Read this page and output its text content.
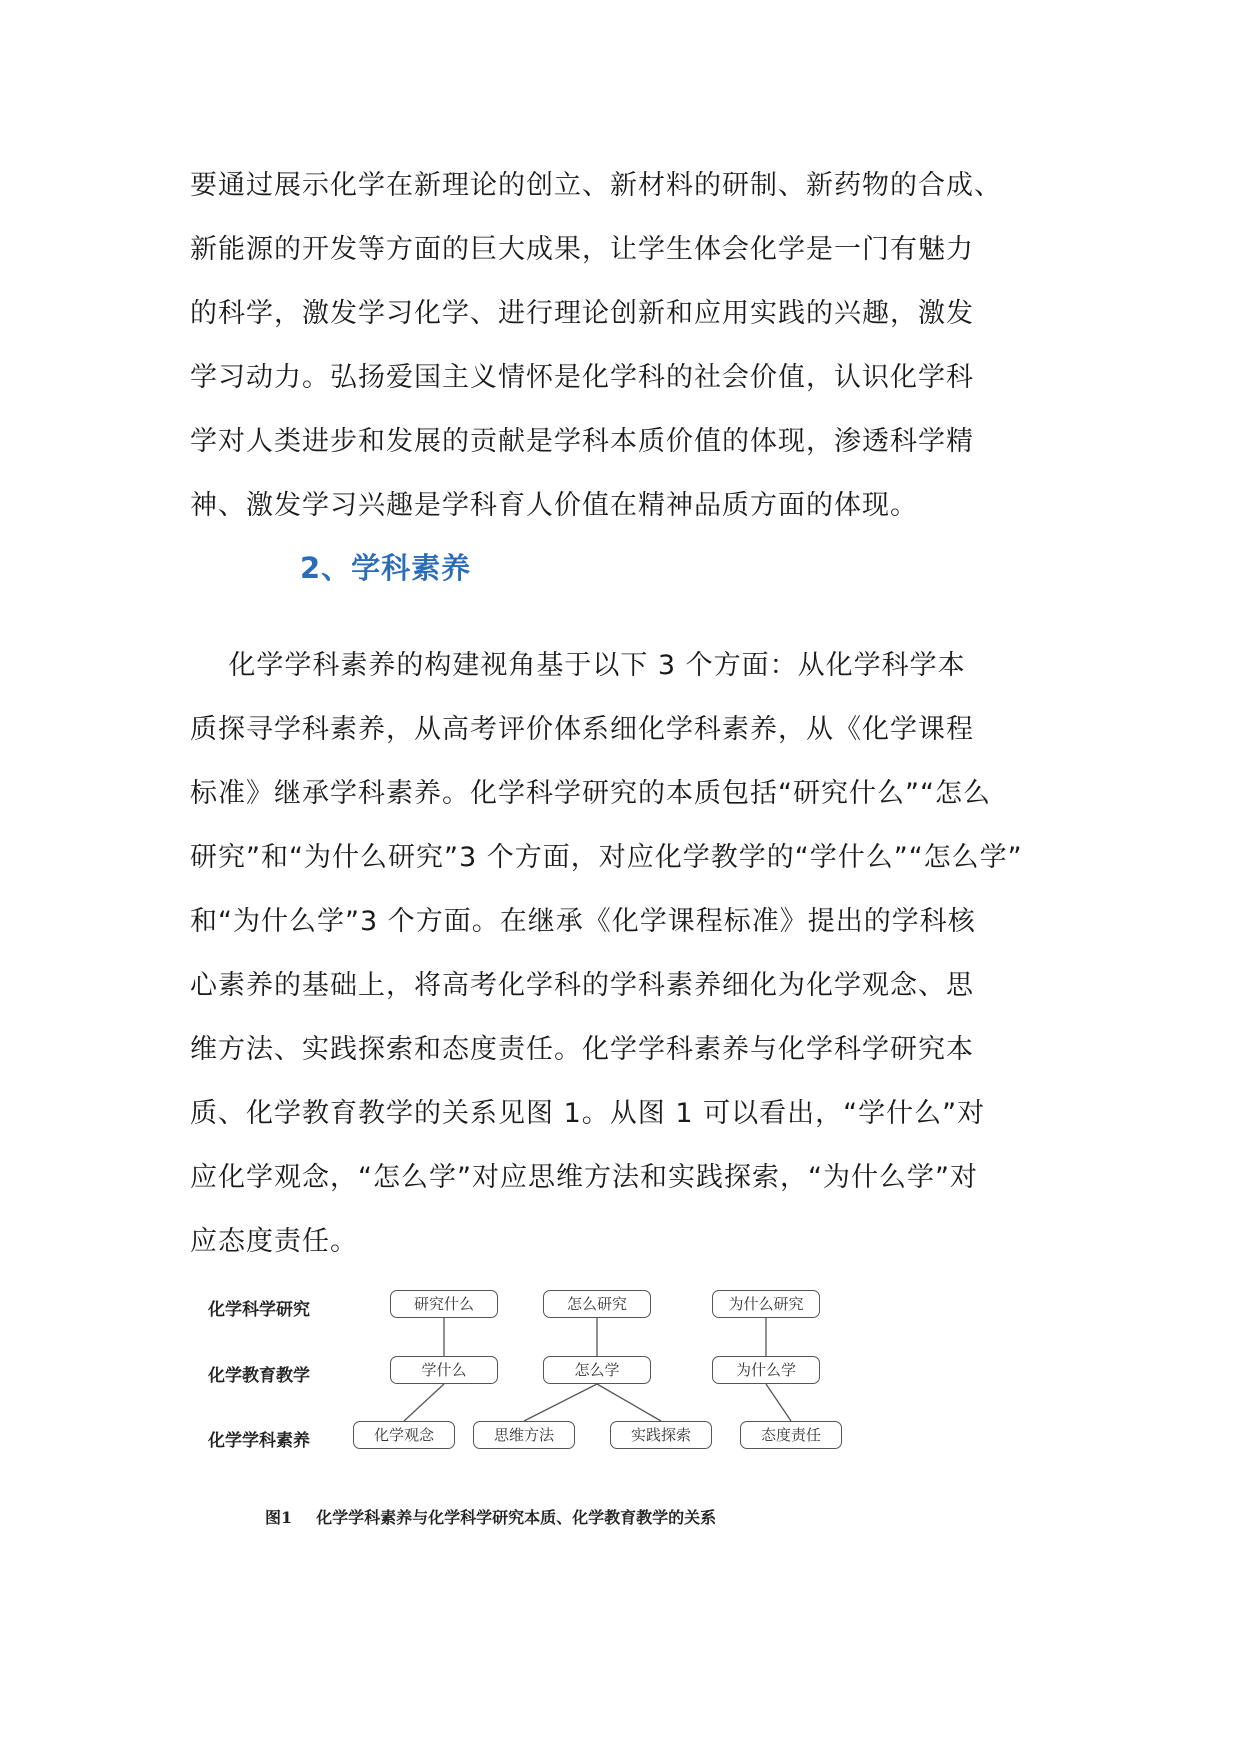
要通过展示化学在新理论的创立、新材料的研制、新药物的合成、
新能源的开发等方面的巨大成果，让学生体会化学是一门有魅力
的科学，激发学习化学、进行理论创新和应用实践的兴趣，激发
学习动力。弘扬爱国主义情怀是化学科的社会价值，认识化学科
学对人类进步和发展的贡献是学科本质价值的体现，渗透科学精
神、激发学习兴趣是学科育人价值在精神品质方面的体现。
2、学科素养
化学学科素养的构建视角基于以下 3 个方面：从化学科学本
质探寻学科素养，从高考评价体系细化学科素养，从《化学课程
标准》继承学科素养。化学科学研究的本质包括“研究什么”“怎么
研究”和“为什么研究”3 个方面，对应化学教学的“学什么”“怎么学”
和“为什么学”3 个方面。在继承《化学课程标准》提出的学科核
心素养的基础上，将高考化学科的学科素养细化为化学观念、思
维方法、实践探索和态度责任。化学学科素养与化学科学研究本
质、化学教育教学的关系见图 1。从图 1 可以看出，“学什么”对
应化学观念，“怎么学”对应思维方法和实践探索，“为什么学”对
应态度责任。
化学科学研究
化学教育教学
化学学科素养
研究什么	怎么研究	为什么研究
学什么	怎么学	为什么学
化学观念	思维方法	实践探索	态度责任
图1 化学学科素养与化学科学研究本质、化学教育教学的关系
